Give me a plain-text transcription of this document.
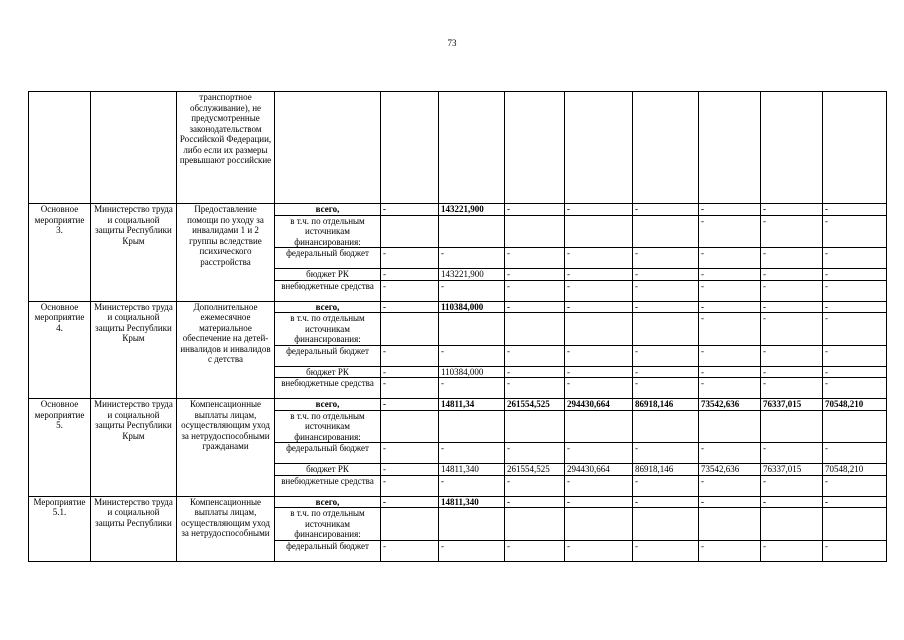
73
		транспортное обслуживание), не предусмотренные законодательством Российской Федерации, либо если их размеры превышают российские									
Основное мероприятие 3.	Министерство труда и социальной защиты Республики Крым	Предоставление помощи по уходу за инвалидами 1 и 2 группы вследствие психического расстройства	всего,	-	143221,900	-	-	-	-	-	-
			в т.ч. по отдельным источникам финансирования:						-	-	-
			федеральный бюджет	-	-	-	-	-	-	-	-
			бюджет РК	-	143221,900	-	-	-	-	-	-
			внебюджетные средства	-	-	-	-	-	-	-	-
Основное мероприятие 4.	Министерство труда и социальной защиты Республики Крым	Дополнительное ежемесячное материальное обеспечение на детей-инвалидов и инвалидов с детства	всего,	-	110384,000	-	-	-	-	-	-
			в т.ч. по отдельным источникам финансирования:						-	-	-
			федеральный бюджет	-	-	-	-	-	-	-	-
			бюджет РК	-	110384,000	-	-	-	-	-	-
			внебюджетные средства	-	-	-	-	-	-	-	-
Основное мероприятие 5.	Министерство труда и социальной защиты Республики Крым	Компенсационные выплаты лицам, осуществляющим уход за нетрудоспособными гражданами	всего,	-	14811,34	261554,525	294430,664	86918,146	73542,636	76337,015	70548,210
			в т.ч. по отдельным источникам финансирования:								
			федеральный бюджет	-	-	-	-	-	-	-	-
			бюджет РК	-	14811,340	261554,525	294430,664	86918,146	73542,636	76337,015	70548,210
			внебюджетные средства	-	-	-	-	-	-	-	-
Мероприятие 5.1.	Министерство труда и социальной защиты Республики	Компенсационные выплаты лицам, осуществляющим уход за нетрудоспособными	всего,	-	14811,340	-	-	-	-	-	-
			в т.ч. по отдельным источникам финансирования:								
			федеральный бюджет	-	-	-	-	-	-	-	-
